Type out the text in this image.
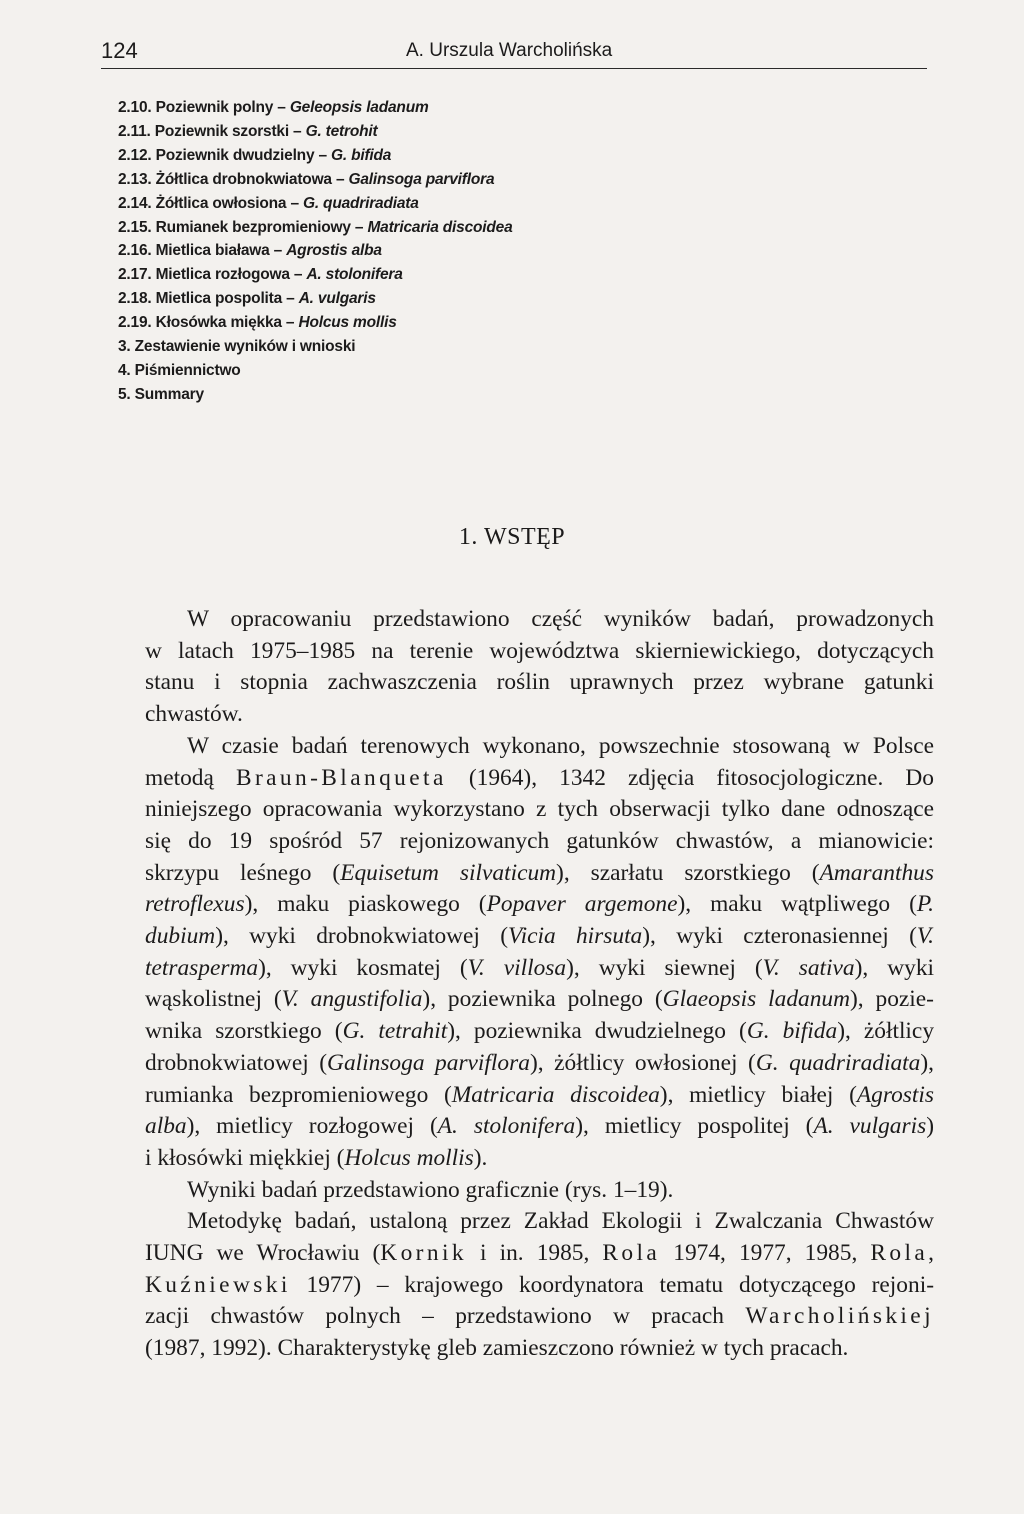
124	A. Urszula Warcholińska
2.10. Poziewnik polny – Geleopsis ladanum
2.11. Poziewnik szorstki – G. tetrohit
2.12. Poziewnik dwudzielny – G. bifida
2.13. Żółtlica drobnokwiatowa – Galinsoga parviflora
2.14. Żółtlica owłosiona – G. quadriradiata
2.15. Rumianek bezpromieniowy – Matricaria discoidea
2.16. Mietlica biaława – Agrostis alba
2.17. Mietlica rozłogowa – A. stolonifera
2.18. Mietlica pospolita – A. vulgaris
2.19. Kłosówka miękka – Holcus mollis
3. Zestawienie wyników i wnioski
4. Piśmiennictwo
5. Summary
1. WSTĘP
W opracowaniu przedstawiono część wyników badań, prowadzonych
w latach 1975–1985 na terenie województwa skierniewickiego, dotyczących
stanu i stopnia zachwaszczenia roślin uprawnych przez wybrane gatunki
chwastów.
W czasie badań terenowych wykonano, powszechnie stosowaną w Polsce
metodą Braun-Blanqueta (1964), 1342 zdjęcia fitosocjologiczne. Do
niniejszego opracowania wykorzystano z tych obserwacji tylko dane odnoszące
się do 19 spośród 57 rejonizowanych gatunków chwastów, a mianowicie:
skrzypu leśnego (Equisetum silvaticum), szarłatu szorstkiego (Amaranthus
retroflexus), maku piaskowego (Popaver argemone), maku wątpliwego (P.
dubium), wyki drobnokwiatowej (Vicia hirsuta), wyki czteronasiennej (V.
tetrasperma), wyki kosmatej (V. villosa), wyki siewnej (V. sativa), wyki
wąskolistnej (V. angustifolia), poziewnika polnego (Glaeopsis ladanum), pozie-
wnika szorstkiego (G. tetrahit), poziewnika dwudzielnego (G. bifida), żółtlicy
drobnokwiatowej (Galinsoga parviflora), żółtlicy owłosionej (G. quadriradiata),
rumianka bezpromieniowego (Matricaria discoidea), mietlicy białej (Agrostis
alba), mietlicy rozłogowej (A. stolonifera), mietlicy pospolitej (A. vulgaris)
i kłosówki miękkiej (Holcus mollis).
Wyniki badań przedstawiono graficznie (rys. 1–19).
Metodykę badań, ustaloną przez Zakład Ekologii i Zwalczania Chwastów
IUNG we Wrocławiu (Kornik i in. 1985, Rola 1974, 1977, 1985, Rola,
Kuźniewski 1977) – krajowego koordynatora tematu dotyczącego rejoni-
zacji chwastów polnych – przedstawiono w pracach Warcholińskiej
(1987, 1992). Charakterystykę gleb zamieszczono również w tych pracach.
